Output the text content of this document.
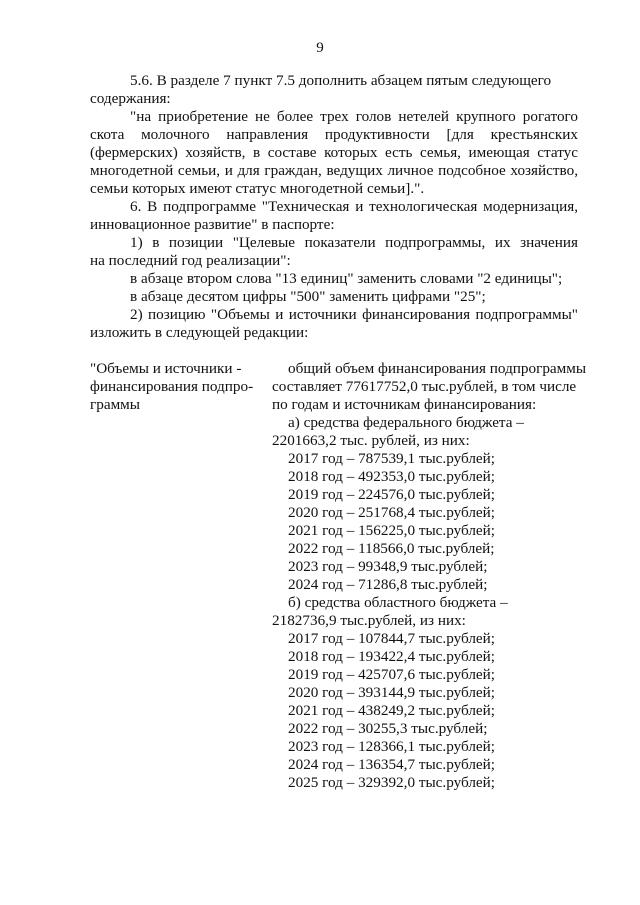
9
5.6. В разделе 7 пункт 7.5 дополнить абзацем пятым следующего
содержания:
"на приобретение не более трех голов нетелей крупного рогатого
скота молочного направления продуктивности [для крестьянских
(фермерских) хозяйств, в составе которых есть семья, имеющая статус
многодетной семьи, и для граждан, ведущих личное подсобное хозяйство,
семьи которых имеют статус многодетной семьи].".
6. В подпрограмме "Техническая и технологическая модернизация,
инновационное развитие" в паспорте:
1) в позиции "Целевые показатели подпрограммы, их значения
на последний год реализации":
в абзаце втором слова "13 единиц" заменить словами "2 единицы";
в абзаце десятом цифры "500" заменить цифрами "25";
2) позицию "Объемы и источники финансирования подпрограммы"
изложить в следующей редакции:
"Объемы и источники -
финансирования подпро-
граммы
общий объем финансирования подпрограммы
составляет 77617752,0 тыс.рублей, в том числе
по годам и источникам финансирования:
а) средства федерального бюджета –
2201663,2 тыс. рублей, из них:
2017 год – 787539,1 тыс.рублей;
2018 год – 492353,0 тыс.рублей;
2019 год – 224576,0 тыс.рублей;
2020 год – 251768,4 тыс.рублей;
2021 год – 156225,0 тыс.рублей;
2022 год – 118566,0 тыс.рублей;
2023 год – 99348,9 тыс.рублей;
2024 год – 71286,8 тыс.рублей;
б) средства областного бюджета –
2182736,9 тыс.рублей, из них:
2017 год – 107844,7 тыс.рублей;
2018 год – 193422,4 тыс.рублей;
2019 год – 425707,6 тыс.рублей;
2020 год – 393144,9 тыс.рублей;
2021 год – 438249,2 тыс.рублей;
2022 год – 30255,3 тыс.рублей;
2023 год – 128366,1 тыс.рублей;
2024 год – 136354,7 тыс.рублей;
2025 год – 329392,0 тыс.рублей;
